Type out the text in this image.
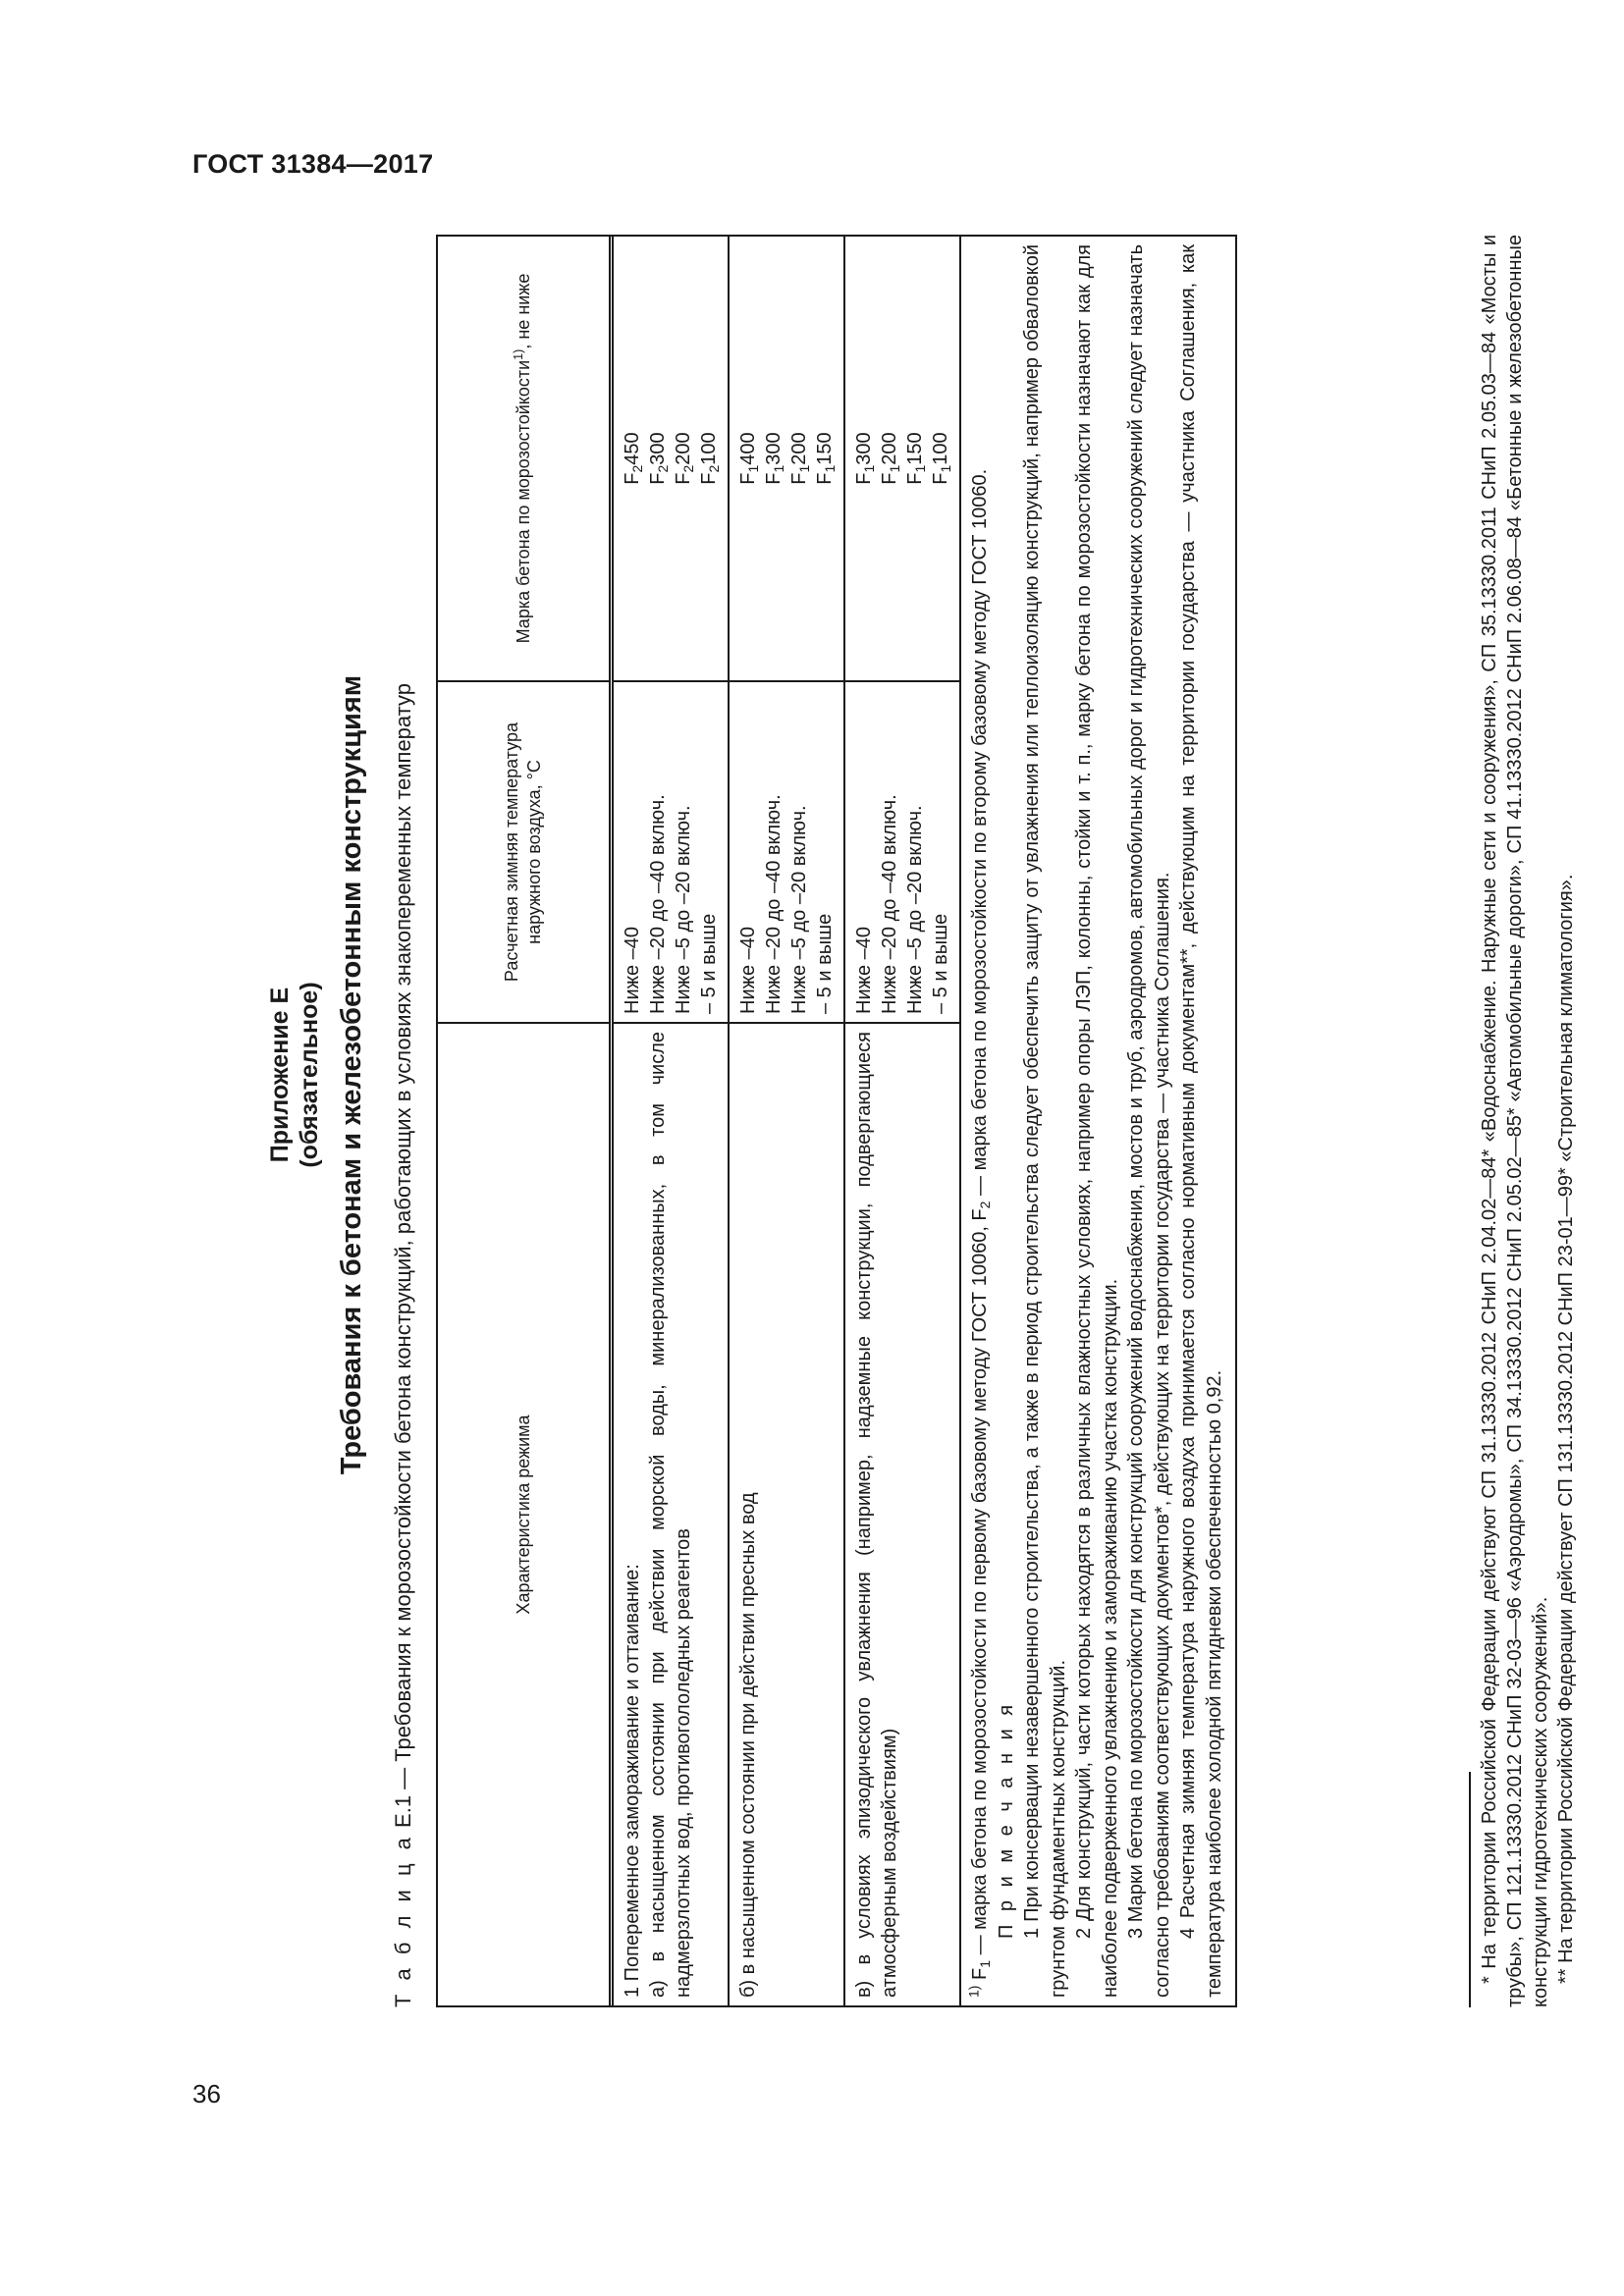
ГОСТ 31384—2017
36
Приложение Е (обязательное) Требования к бетонам и железобетонным конструкциям
Т а б л и ц а Е.1 — Требования к морозостойкости бетона конструкций, работающих в условиях знакопеременных температур	Характеристика режима
Расчетная зимняя температура наружного воздуха, °С
Марка бетона по морозостойкости$^{1)}$, не ниже
1 Попеременное замораживание и оттаивание: а) в насыщенном состоянии при действии морской воды, минерализованных, в том числе надмерзлотных вод, противогололедных реагентов
Ниже –40 Ниже –20 до –40 включ. Ниже –5 до –20 включ. – 5 и выше
$F_2450$
$F_2300$
$F_2200$
$F_2100$
б) в насыщенном состоянии при действии пресных вод
Ниже –40 Ниже –20 до –40 включ. Ниже –5 до –20 включ. – 5 и выше
$F_1400$
$F_1300$
$F_1200$
$F_1150$
в) в условиях эпизодического увлажнения (например, надземные конструкции, подвергающиеся атмосферным воздействиям)
Ниже –40 Ниже –20 до –40 включ. Ниже –5 до –20 включ. – 5 и выше
$F_1300$
$F_1200$
$F_1150$
$F_1100$

$^{1)}$ $F_1$ — марка бетона по морозостойкости по первому базовому методу ГОСТ 10060, $F_2$ — марка бетона по морозостойкости по второму базовому методу ГОСТ 10060.

П р и м е ч а н и я 1 При консервации незавершенного строительства, а также в период строительства следует обеспечить защиту от увлажнения или теплоизоляцию конструкций, например обваловкой грунтом фундаментных конструкций. 2 Для конструкций, части которых находятся в различных влажностных условиях, например опоры ЛЭП, колонны, стойки и т. п., марку бетона по морозостойкости назначают как для наиболее подверженного увлажнению и замораживанию участка конструкции. 3 Марки бетона по морозостойкости для конструкций сооружений водоснабжения, мостов и труб, аэродромов, автомобильных дорог и гидротехнических сооружений следует назначать согласно требованиям соответствующих документов*, действующих на территории государства — участника Соглашения. 4 Расчетная зимняя температура наружного воздуха принимается согласно нормативным документам**, действующим на территории государства — участника Соглашения, как температура наиболее холодной пятидневки обеспеченностью 0,92.	* На территории Российской Федерации действуют СП 31.13330.2012 СНиП 2.04.02—84* «Водоснабжение. Наружные сети и сооружения», СП 35.13330.2011 СНиП 2.05.03—84 «Мосты и трубы», СП 121.13330.2012 СНиП 32-03—96 «Аэродромы», СП 34.13330.2012 СНиП 2.05.02—85* «Автомобильные дороги», СП 41.13330.2012 СНиП 2.06.08—84 «Бетонные и железобетонные конструкции гидротехнических сооружений». ** На территории Российской Федерации действует СП 131.13330.2012 СНиП 23-01—99* «Строительная климатология».
